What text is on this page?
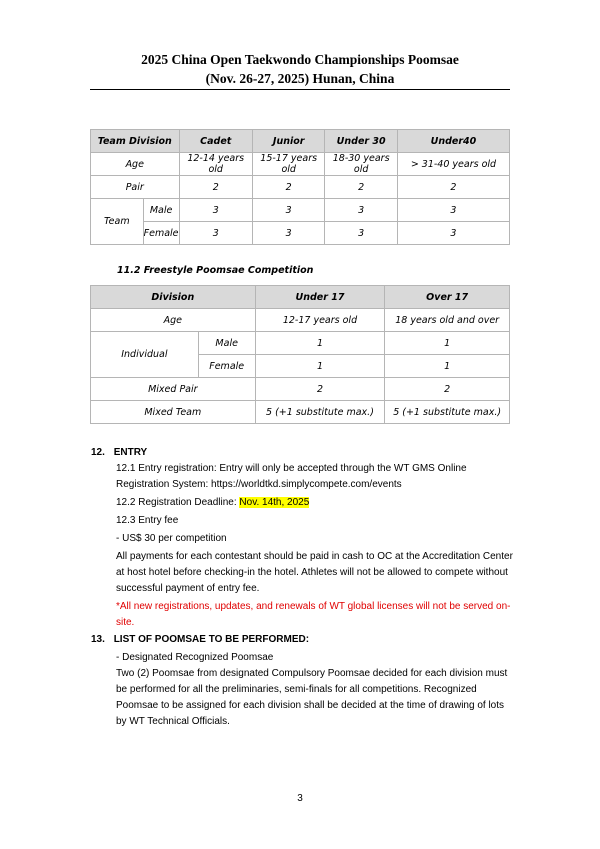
2025 China Open Taekwondo Championships Poomsae
(Nov. 26-27, 2025) Hunan, China
Team Division		Cadet	Junior	Under 30	Under40
Age		12-14 years old	15-17 years old	18-30 years old	> 31-40 years old
Pair		2	2	2	2
Team	Male	3	3	3	3
	Female	3	3	3	3
11.2 Freestyle Poomsae Competition
Division		Under 17	Over 17
Age		12-17 years old	18 years old and over
Individual	Male	1	1
	Female	1	1
Mixed Pair		2	2
Mixed Team		5 (+1 substitute max.)	5 (+1 substitute max.)
12. ENTRY
12.1 Entry registration: Entry will only be accepted through the WT GMS Online
Registration System: https://worldtkd.simplycompete.com/events
12.2 Registration Deadline: Nov. 14th, 2025
12.3 Entry fee
- US$ 30 per competition
All payments for each contestant should be paid in cash to OC at the Accreditation Center
at host hotel before checking-in the hotel. Athletes will not be allowed to compete without
successful payment of entry fee.
*All new registrations, updates, and renewals of WT global licenses will not be served on-
site.
13. LIST OF POOMSAE TO BE PERFORMED:
- Designated Recognized Poomsae
Two (2) Poomsae from designated Compulsory Poomsae decided for each division must
be performed for all the preliminaries, semi-finals for all competitions. Recognized
Poomsae to be assigned for each division shall be decided at the time of drawing of lots
by WT Technical Officials.
3
